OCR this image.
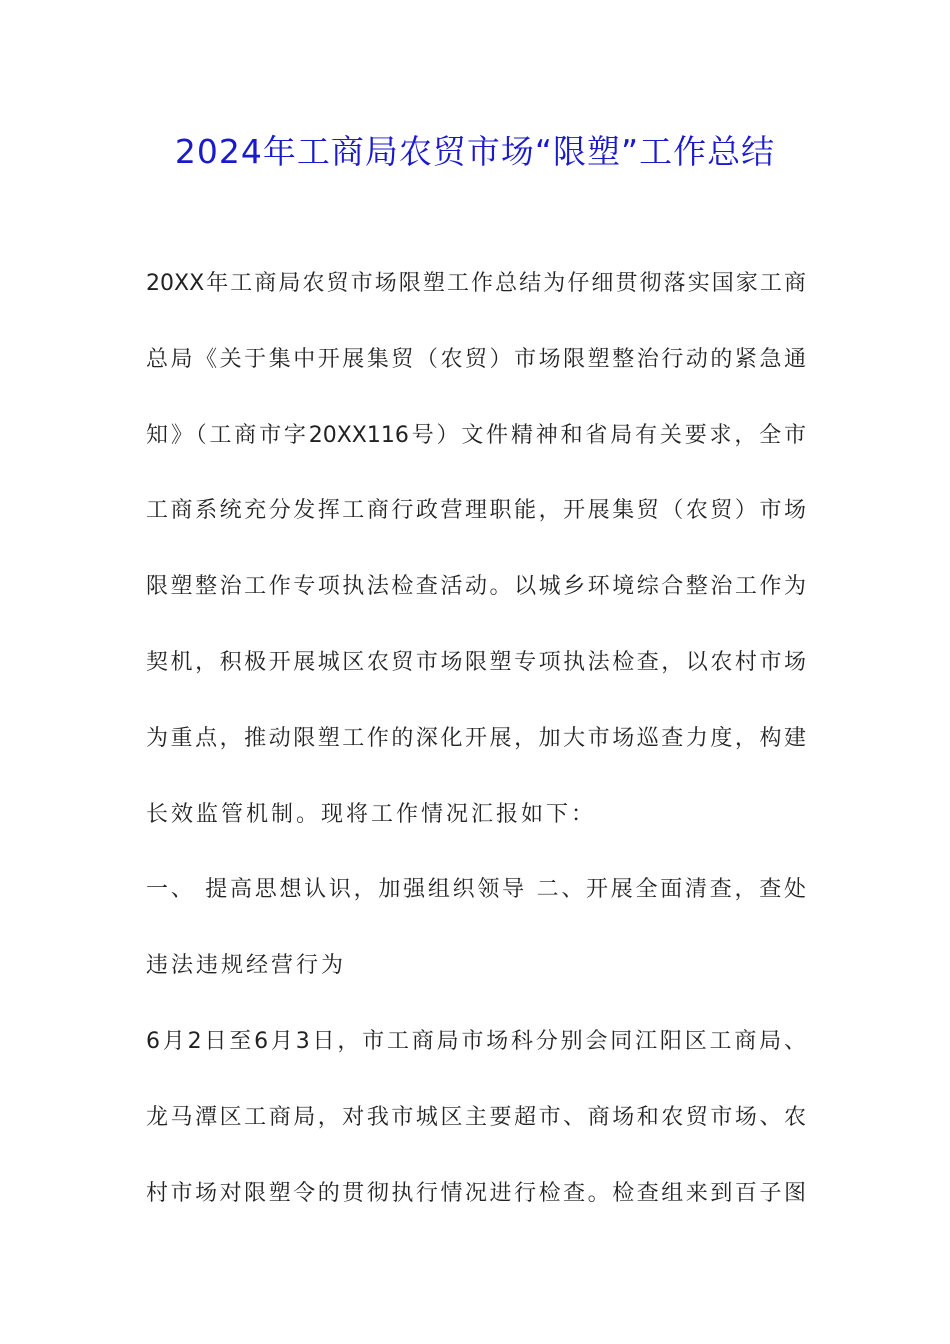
2024年工商局农贸市场“限塑”工作总结
20XX年工商局农贸市场限塑工作总结为仔细贯彻落实国家工商
总局《关于集中开展集贸（农贸）市场限塑整治行动的紧急通
知》（工商市字20XX116号）文件精神和省局有关要求，全市
工商系统充分发挥工商行政营理职能，开展集贸（农贸）市场
限塑整治工作专项执法检查活动。以城乡环境综合整治工作为
契机，积极开展城区农贸市场限塑专项执法检查，以农村市场
为重点，推动限塑工作的深化开展，加大市场巡查力度，构建
长效监管机制。现将工作情况汇报如下：
一、 提高思想认识，加强组织领导 二、开展全面清查，查处
违法违规经营行为
6月2日至6月3日，市工商局市场科分别会同江阳区工商局、
龙马潭区工商局，对我市城区主要超市、商场和农贸市场、农
村市场对限塑令的贯彻执行情况进行检查。检查组来到百子图
